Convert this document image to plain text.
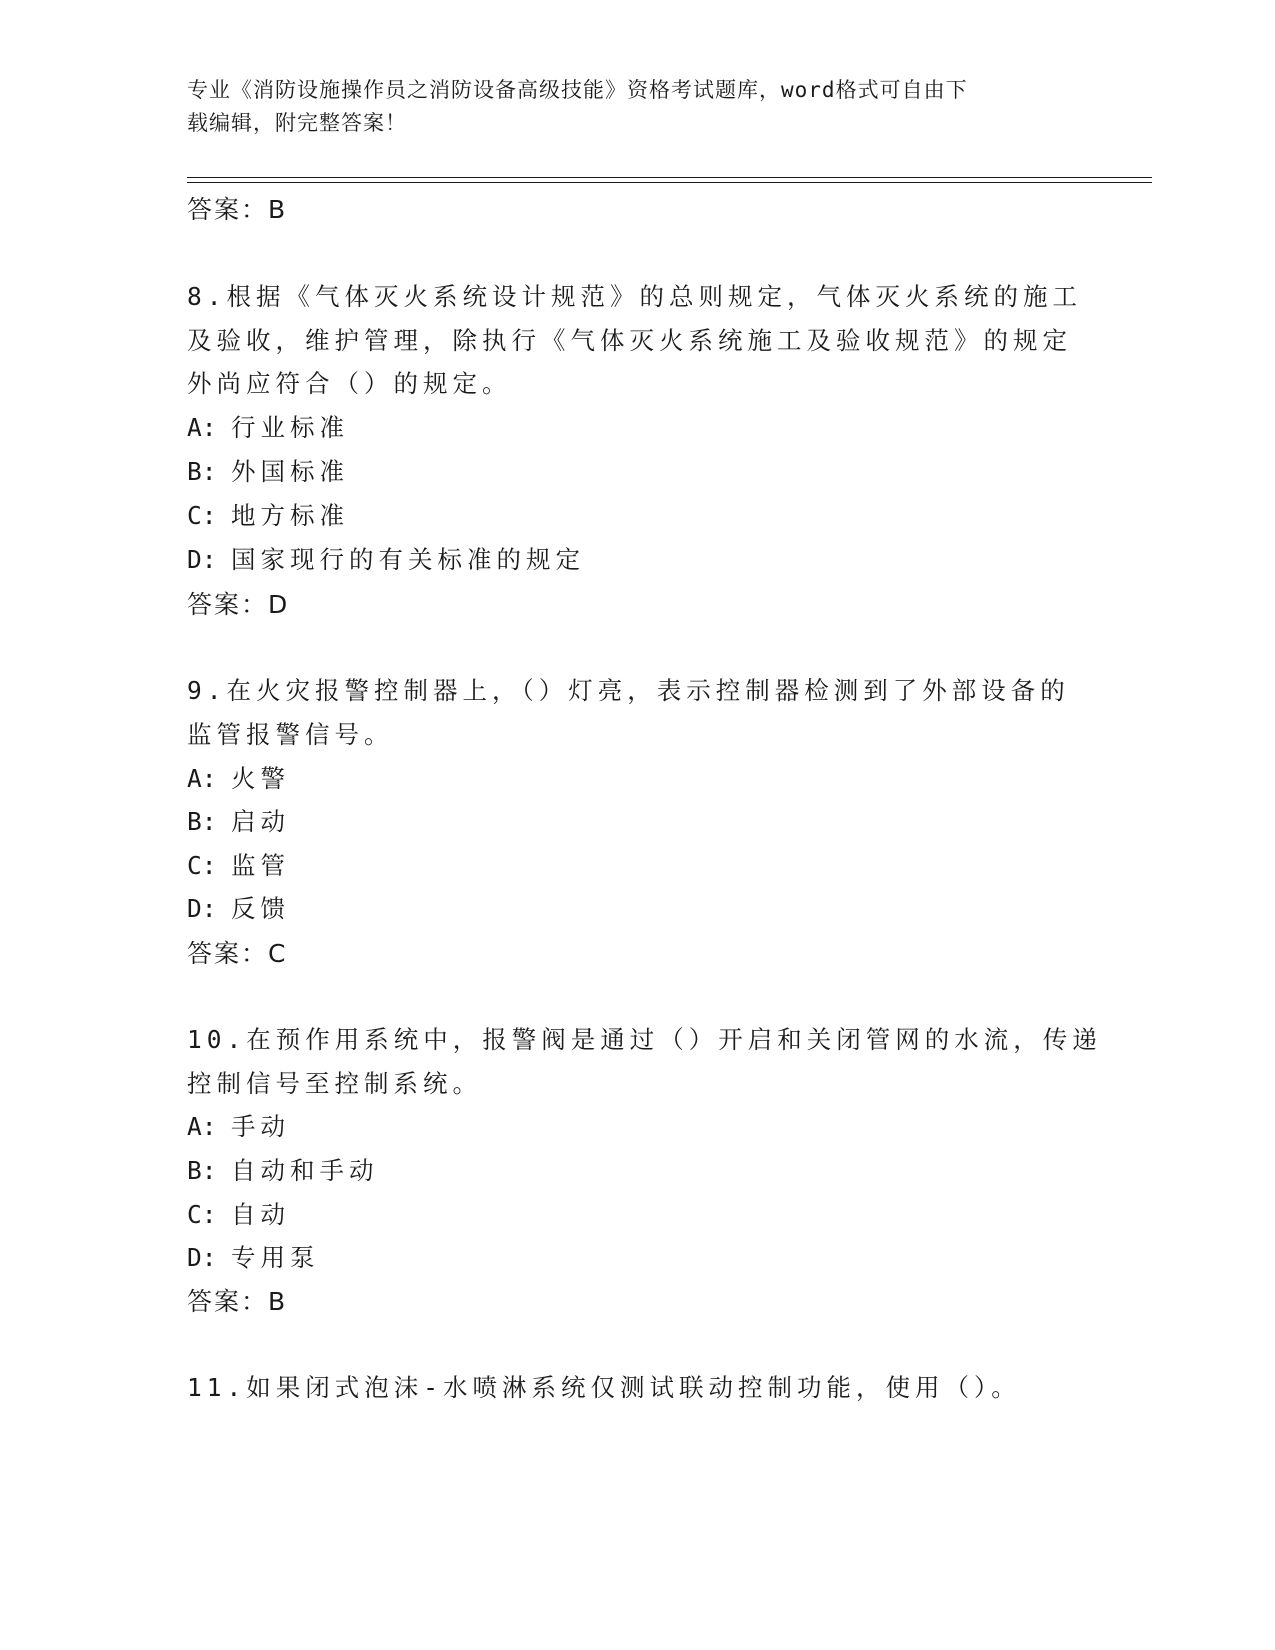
专业《消防设施操作员之消防设备高级技能》资格考试题库，word格式可自由下
载编辑，附完整答案！
答案：B
8.根据《气体灭火系统设计规范》的总则规定，气体灭火系统的施工
及验收，维护管理，除执行《气体灭火系统施工及验收规范》的规定
外尚应符合（）的规定。
A: 行业标准
B: 外国标准
C: 地方标准
D: 国家现行的有关标准的规定
答案：D
9.在火灾报警控制器上，（）灯亮，表示控制器检测到了外部设备的
监管报警信号。
A: 火警
B: 启动
C: 监管
D: 反馈
答案：C
10.在预作用系统中，报警阀是通过（）开启和关闭管网的水流，传递
控制信号至控制系统。
A: 手动
B: 自动和手动
C: 自动
D: 专用泵
答案：B
11.如果闭式泡沫-水喷淋系统仅测试联动控制功能，使用（）。
